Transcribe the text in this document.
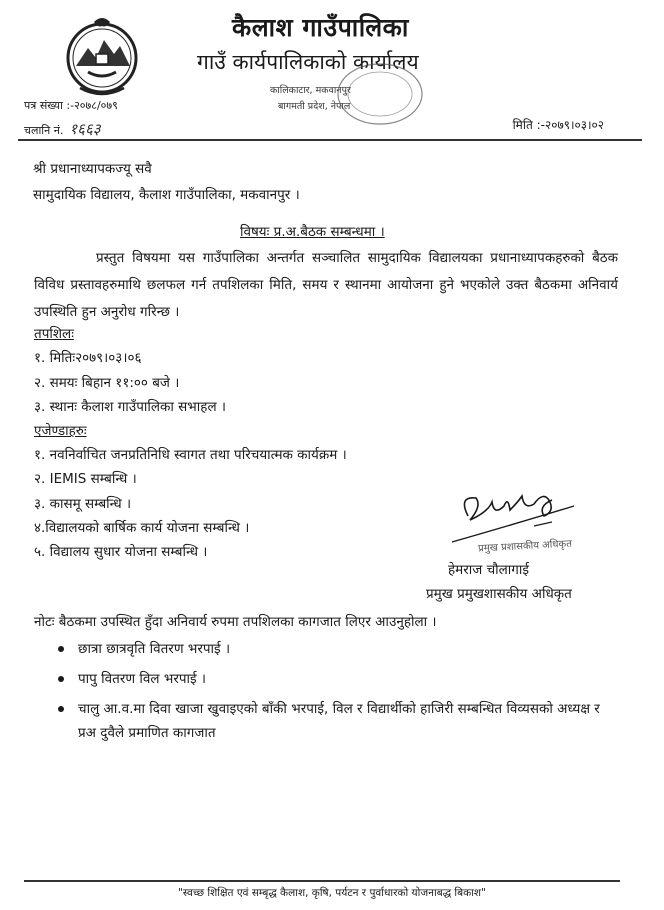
कैलाश गाउँपालिका
गाउँ कार्यपालिकाको कार्यालय
कालिकाटार, मकवानपुर
बागमती प्रदेश, नेपाल
पत्र संख्या :-२०७८/०७९
चलानि नं. १६६३	मिति :-२०७९।०३।०२
श्री प्रधानाध्यापकज्यू सवै
सामुदायिक विद्यालय, कैलाश गाउँपालिका, मकवानपुर ।
विषयः प्र.अ.बैठक सम्बन्धमा ।
प्रस्तुत विषयमा यस गाउँपालिका अन्तर्गत सञ्चालित सामुदायिक विद्यालयका प्रधानाध्यापकहरुको बैठक विविध प्रस्तावहरुमाथि छलफल गर्न तपशिलका मिति, समय र स्थानमा आयोजना हुने भएकोले उक्त बैठकमा अनिवार्य उपस्थिति हुन अनुरोध गरिन्छ ।
तपशिलः
१. मितिः२०७९।०३।०६
२. समयः बिहान ११:०० बजे ।
३. स्थानः कैलाश गाउँपालिका सभाहल ।
एजेण्डाहरुः
१. नवनिर्वाचित जनप्रतिनिधि स्वागत तथा परिचयात्मक कार्यक्रम ।
२. IEMIS सम्बन्धि ।
३. कासमू सम्बन्धि ।
४.विद्यालयको बार्षिक कार्य योजना सम्बन्धि ।
५. विद्यालय सुधार योजना सम्बन्धि ।	प्रमुख प्रशासकीय अधिकृत
हेमराज चौलागाई
प्रमुख प्रमुखशासकीय अधिकृत
नोटः बैठकमा उपस्थित हुँदा अनिवार्य रुपमा तपशिलका कागजात लिएर आउनुहोला ।
छात्रा छात्रवृति वितरण भरपाई ।
पापु वितरण विल भरपाई ।
चालु आ.व.मा दिवा खाजा खुवाइएको बाँकी भरपाई, विल र विद्यार्थीको हाजिरी सम्बन्धित विव्यसको अध्यक्ष र प्रअ दुवैले प्रमाणित कागजात
"स्वच्छ शिक्षित एवं सम्बृद्ध कैलाश, कृषि, पर्यटन र पुर्वाधारको योजनाबद्ध बिकाश"
